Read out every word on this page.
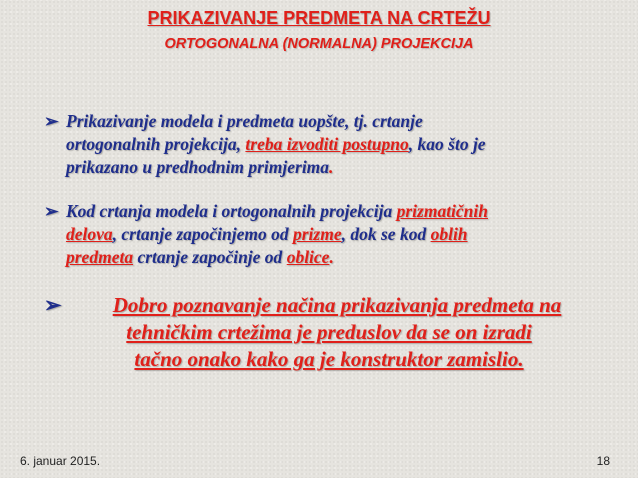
PRIKAZIVANJE PREDMETA NA CRTEŽU
ORTOGONALNA (NORMALNA) PROJEKCIJA
➢ Prikazivanje modela i predmeta uopšte, tj. crtanje
ortogonalnih projekcija, treba izvoditi postupno, kao što je
prikazano u predhodnim primjerima.
➢ Kod crtanja modela i ortogonalnih projekcija prizmatičnih
delova, crtanje započinjemo od prizme, dok se kod oblih
predmeta crtanje započinje od oblice.
➢	Dobro poznavanje načina prikazivanja predmeta na
tehničkim crtežima je preduslov da se on izradi
tačno onako kako ga je konstruktor zamislio.
6. januar 2015.	18
